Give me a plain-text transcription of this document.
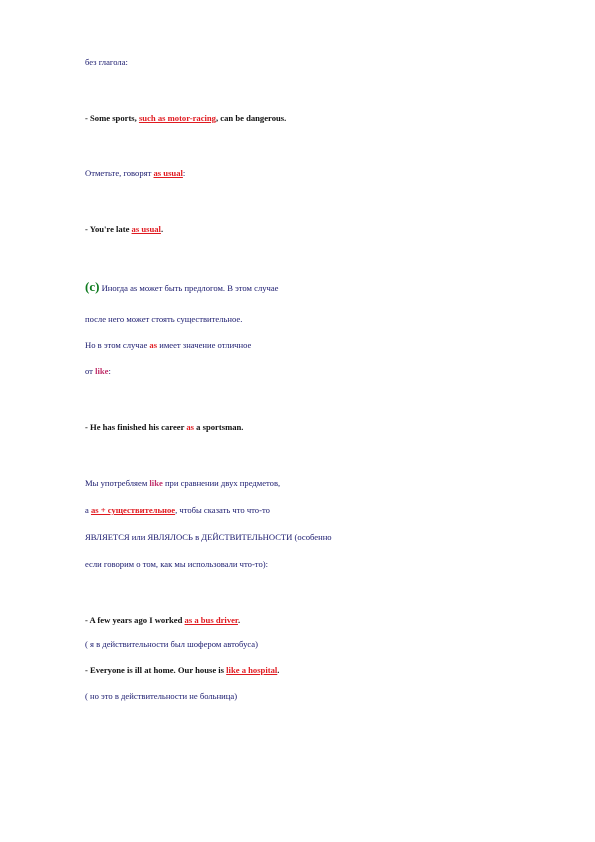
без глагола:
- Some sports, such as motor-racing, can be dangerous.
Отметьте, говорят as usual:
- You're late as usual.
(c) Иногда as может быть предлогом. В этом случае
после него может стоять существительное.
Но в этом случае as имеет значение отличное
от like:
- He has finished his career as a sportsman.
Мы употребляем like при сравнении двух предметов,
а as + существительное, чтобы сказать что что-то
ЯВЛЯЕТСЯ или ЯВЛЯЛОСЬ в ДЕЙСТВИТЕЛЬНОСТИ (особенно
если говорим о том, как мы использовали что-то):
- A few years ago I worked as a bus driver.
( я в действительности был шофером автобуса)
- Everyone is ill at home. Our house is like a hospital.
( но это в действительности не больница)
